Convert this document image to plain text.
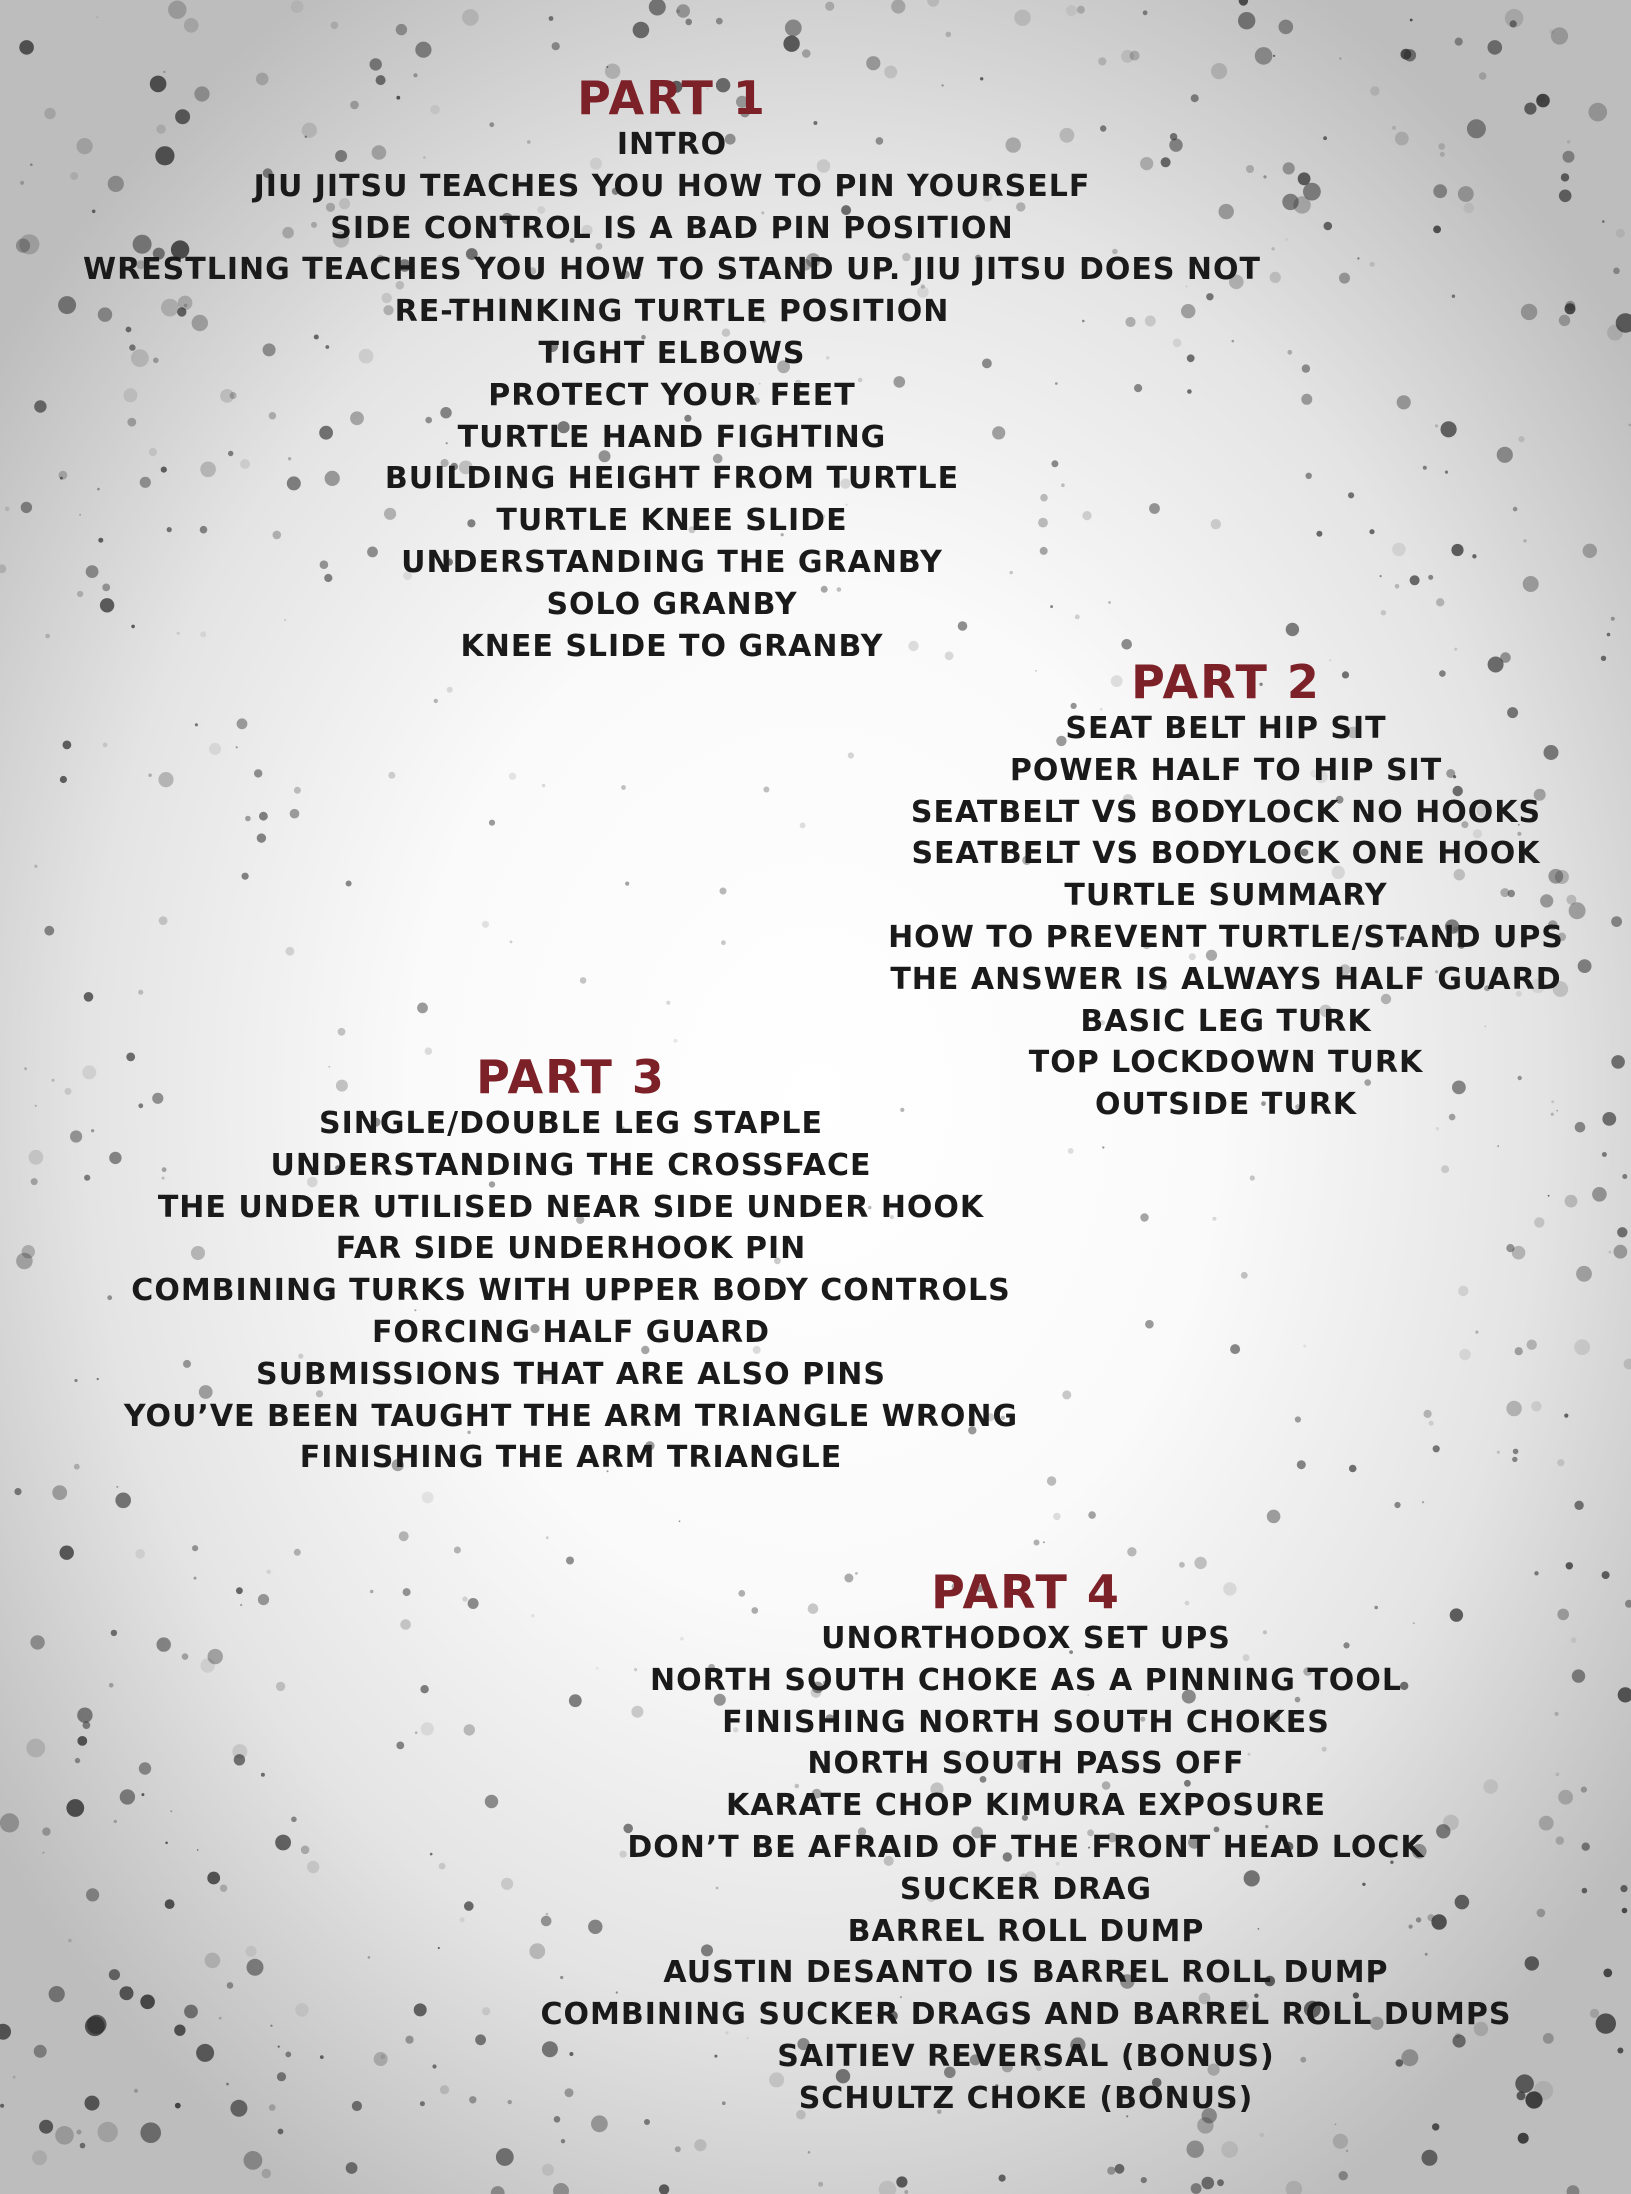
PART 1
INTRO
JIU JITSU TEACHES YOU HOW TO PIN YOURSELF
SIDE CONTROL IS A BAD PIN POSITION
WRESTLING TEACHES YOU HOW TO STAND UP. JIU JITSU DOES NOT
RE-THINKING TURTLE POSITION
TIGHT ELBOWS
PROTECT YOUR FEET
TURTLE HAND FIGHTING
BUILDING HEIGHT FROM TURTLE
TURTLE KNEE SLIDE
UNDERSTANDING THE GRANBY
SOLO GRANBY
KNEE SLIDE TO GRANBY
PART 2
SEAT BELT HIP SIT
POWER HALF TO HIP SIT
SEATBELT VS BODYLOCK NO HOOKS
SEATBELT VS BODYLOCK ONE HOOK
TURTLE SUMMARY
HOW TO PREVENT TURTLE/STAND UPS
THE ANSWER IS ALWAYS HALF GUARD
BASIC LEG TURK
TOP LOCKDOWN TURK
OUTSIDE TURK
PART 3
SINGLE/DOUBLE LEG STAPLE
UNDERSTANDING THE CROSSFACE
THE UNDER UTILISED NEAR SIDE UNDER HOOK
FAR SIDE UNDERHOOK PIN
COMBINING TURKS WITH UPPER BODY CONTROLS
FORCING HALF GUARD
SUBMISSIONS THAT ARE ALSO PINS
YOU’VE BEEN TAUGHT THE ARM TRIANGLE WRONG
FINISHING THE ARM TRIANGLE
PART 4
UNORTHODOX SET UPS
NORTH SOUTH CHOKE AS A PINNING TOOL
FINISHING NORTH SOUTH CHOKES
NORTH SOUTH PASS OFF
KARATE CHOP KIMURA EXPOSURE
DON’T BE AFRAID OF THE FRONT HEAD LOCK
SUCKER DRAG
BARREL ROLL DUMP
AUSTIN DESANTO IS BARREL ROLL DUMP
COMBINING SUCKER DRAGS AND BARREL ROLL DUMPS
SAITIEV REVERSAL (BONUS)
SCHULTZ CHOKE (BONUS)
